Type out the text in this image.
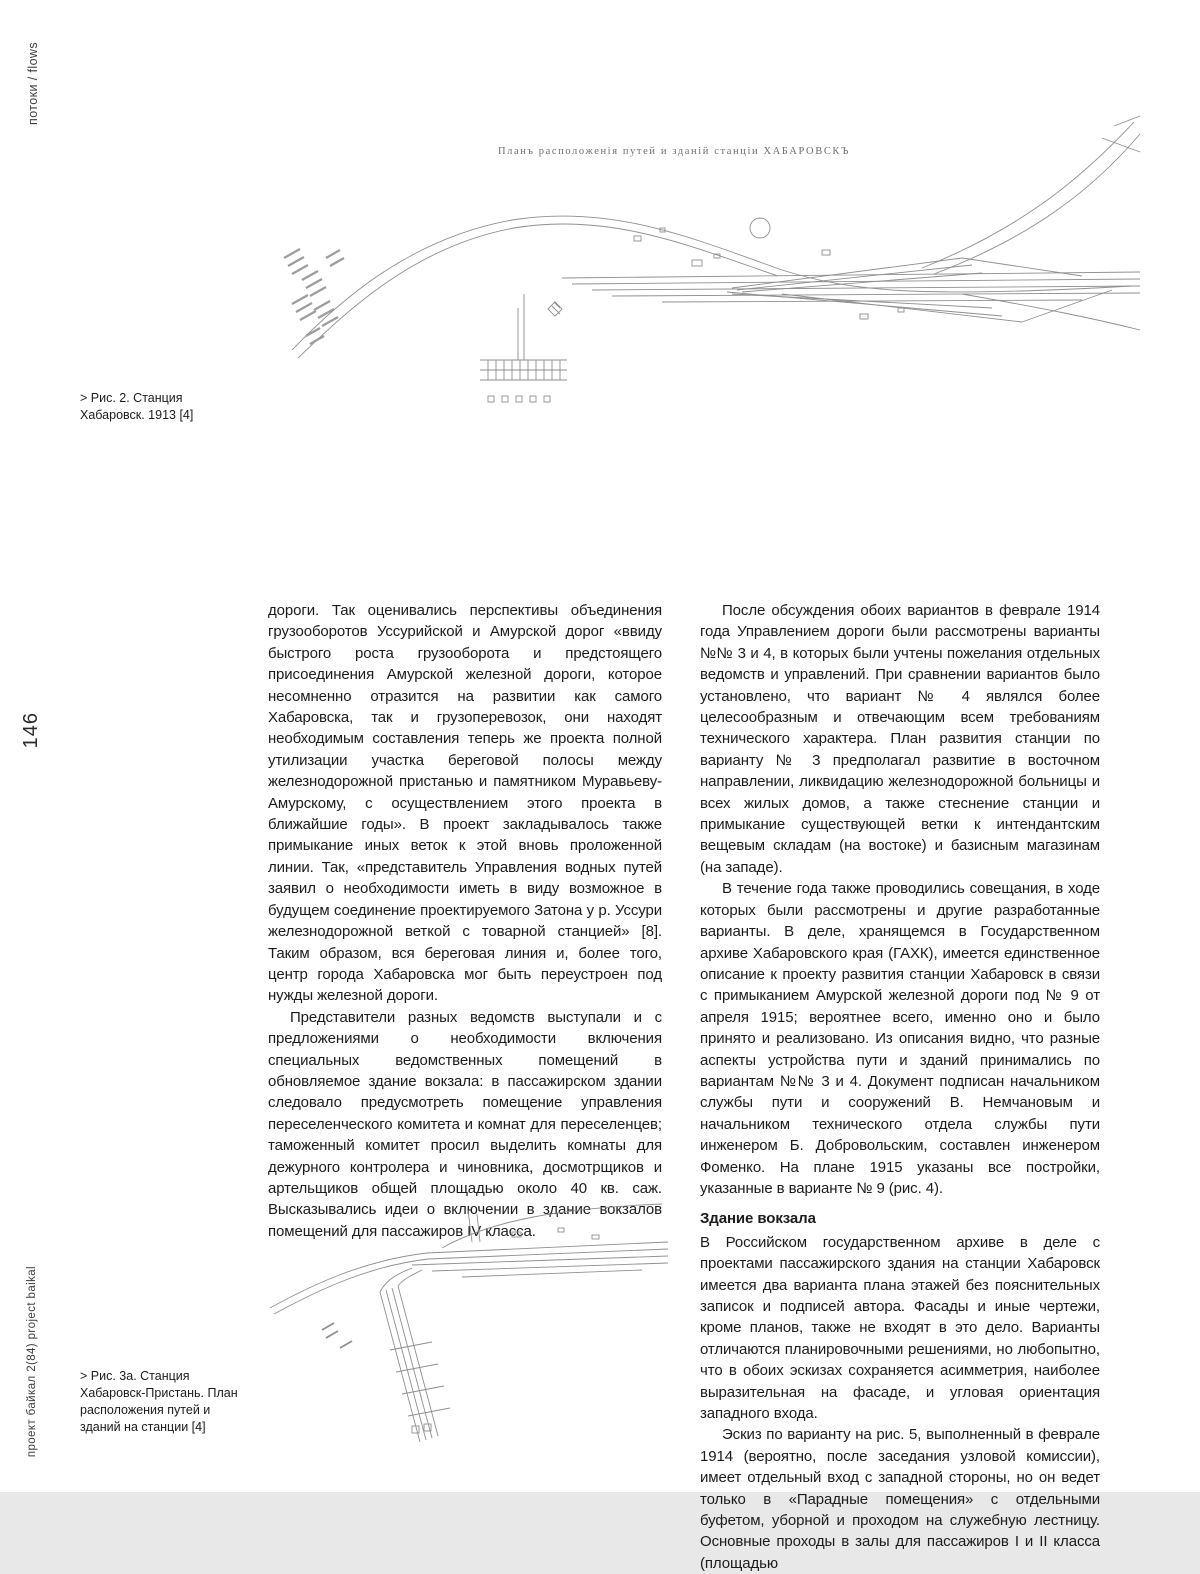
потоки / flows
146
проект байкал 2(84) project baikal
Планъ расположенія путей и зданій станціи ХАБАРОВСКЪ
> Рис. 2. Станция Хабаровск. 1913 [4]

дороги. Так оценивались перспективы объединения грузооборотов Уссурийской и Амурской дорог «ввиду быстрого роста грузооборота и предстоящего присоединения Амурской железной дороги, которое несомненно отразится на развитии как самого Хабаровска, так и грузоперевозок, они находят необходимым составления теперь же проекта полной утилизации участка береговой полосы между железнодорожной пристанью и памятником Муравьеву-Амурскому, с осуществлением этого проекта в ближайшие годы». В проект закладывалось также примыкание иных веток к этой вновь проложенной линии. Так, «представитель Управления водных путей заявил о необходимости иметь в виду возможное в будущем соединение проектируемого Затона у р. Уссури железнодорожной веткой с товарной станцией» [8]. Таким образом, вся береговая линия и, более того, центр города Хабаровска мог быть переустроен под нужды железной дороги.

Представители разных ведомств выступали и с предложениями о необходимости включения специальных ведомственных помещений в обновляемое здание вокзала: в пассажирском здании следовало предусмотреть помещение управления переселенческого комитета и комнат для переселенцев; таможенный комитет просил выделить комнаты для дежурного контролера и чиновника, досмотрщиков и артельщиков общей площадью около 40 кв. саж. Высказывались идеи о включении в здание вокзалов помещений для пассажиров IV класса.

После обсуждения обоих вариантов в феврале 1914 года Управлением дороги были рассмотрены варианты №№ 3 и 4, в которых были учтены пожелания отдельных ведомств и управлений. При сравнении вариантов было установлено, что вариант № 4 являлся более целесообразным и отвечающим всем требованиям технического характера. План развития станции по варианту № 3 предполагал развитие в восточном направлении, ликвидацию железнодорожной больницы и всех жилых домов, а также стеснение станции и примыкание существующей ветки к интендантским вещевым складам (на востоке) и базисным магазинам (на западе).

В течение года также проводились совещания, в ходе которых были рассмотрены и другие разработанные варианты. В деле, хранящемся в Государственном архиве Хабаровского края (ГАХК), имеется единственное описание к проекту развития станции Хабаровск в связи с примыканием Амурской железной дороги под № 9 от апреля 1915; вероятнее всего, именно оно и было принято и реализовано. Из описания видно, что разные аспекты устройства пути и зданий принимались по вариантам №№ 3 и 4. Документ подписан начальником службы пути и сооружений В. Немчановым и начальником технического отдела службы пути инженером Б. Добровольским, составлен инженером Фоменко. На плане 1915 указаны все постройки, указанные в варианте № 9 (рис. 4).

Здание вокзала

В Российском государственном архиве в деле с проектами пассажирского здания на станции Хабаровск имеется два варианта плана этажей без пояснительных записок и подписей автора. Фасады и иные чертежи, кроме планов, также не входят в это дело. Варианты отличаются планировочными решениями, но любопытно, что в обоих эскизах сохраняется асимметрия, наиболее выразительная на фасаде, и угловая ориентация западного входа.

Эскиз по варианту на рис. 5, выполненный в феврале 1914 (вероятно, после заседания узловой комиссии), имеет отдельный вход с западной стороны, но он ведет только в «Парадные помещения» с отдельными буфетом, уборной и проходом на служебную лестницу. Основные проходы в залы для пассажиров I и II класса (площадью

> Рис. 3а. Станция Хабаровск-Пристань. План расположения путей и зданий на станции [4]
